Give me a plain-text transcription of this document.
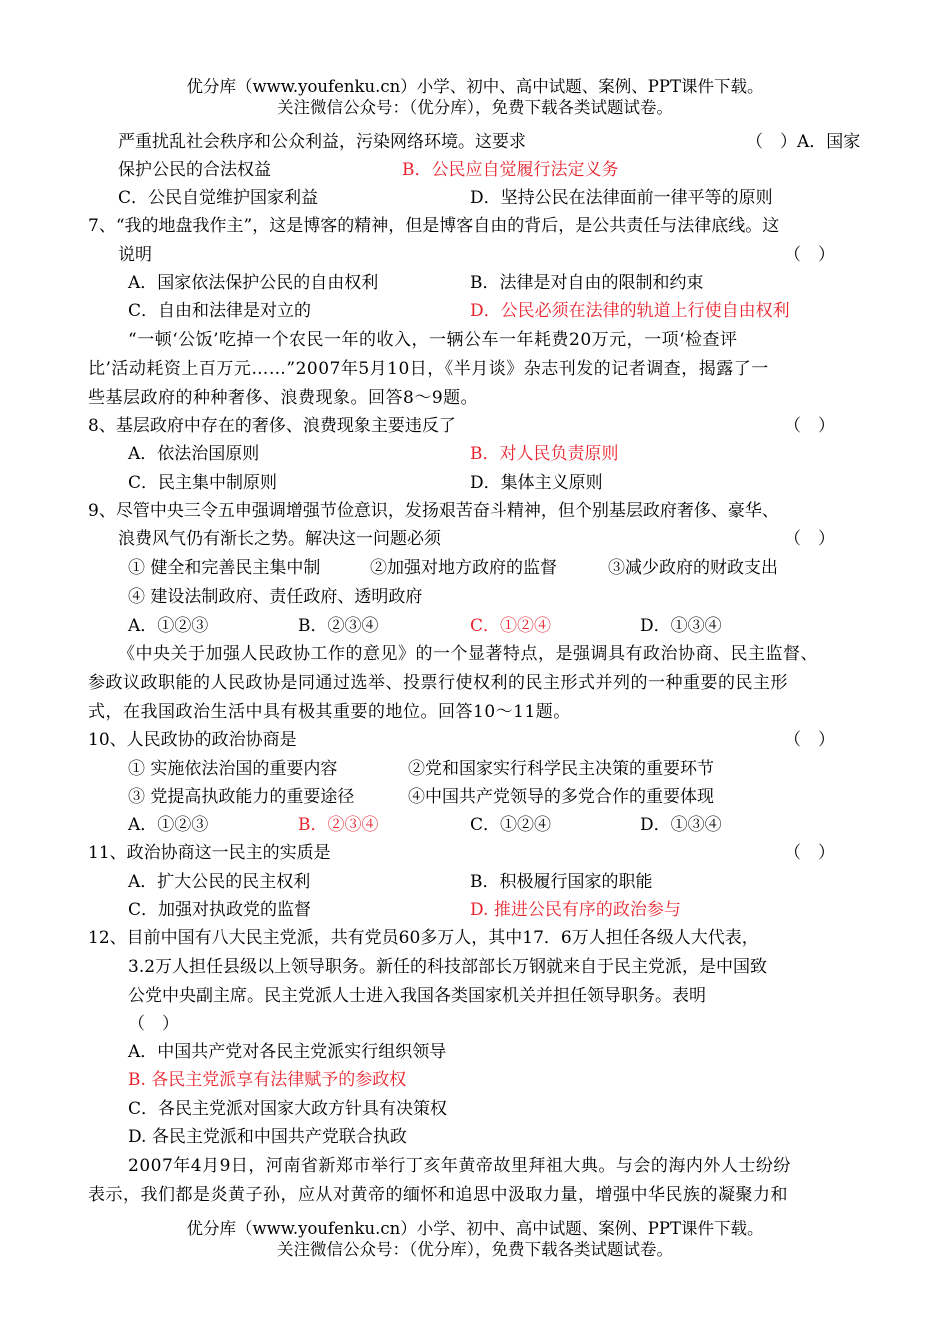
优分库（www.youfenku.cn）小学、初中、高中试题、案例、PPT课件下载。
关注微信公众号：（优分库），免费下载各类试题试卷。
严重扰乱社会秩序和公众利益，污染网络环境。这要求	（　）A．国家
保护公民的合法权益	B．公民应自觉履行法定义务
C．公民自觉维护国家利益	D．坚持公民在法律面前一律平等的原则
7、“我的地盘我作主”，这是博客的精神，但是博客自由的背后，是公共责任与法律底线。这
说明	（　）
A．国家依法保护公民的自由权利	B．法律是对自由的限制和约束
C．自由和法律是对立的	D．公民必须在法律的轨道上行使自由权利
“一顿‘公饭’吃掉一个农民一年的收入，一辆公车一年耗费20万元，一项‘检查评
比’活动耗资上百万元……”2007年5月10日，《半月谈》杂志刊发的记者调查，揭露了一
些基层政府的种种奢侈、浪费现象。回答8～9题。
8、基层政府中存在的奢侈、浪费现象主要违反了	（　）
A．依法治国原则	B．对人民负责原则
C．民主集中制原则	D．集体主义原则
9、尽管中央三令五申强调增强节俭意识，发扬艰苦奋斗精神，但个别基层政府奢侈、豪华、
浪费风气仍有渐长之势。解决这一问题必须	（　）
① 健全和完善民主集中制	②加强对地方政府的监督	③减少政府的财政支出
④ 建设法制政府、责任政府、透明政府
A．①②③	B．②③④	C．①②④	D．①③④
《中央关于加强人民政协工作的意见》的一个显著特点，是强调具有政治协商、民主监督、
参政议政职能的人民政协是同通过选举、投票行使权利的民主形式并列的一种重要的民主形
式，在我国政治生活中具有极其重要的地位。回答10～11题。
10、人民政协的政治协商是	（　）
① 实施依法治国的重要内容	②党和国家实行科学民主决策的重要环节
③ 党提高执政能力的重要途径	④中国共产党领导的多党合作的重要体现
A．①②③	B．②③④	C．①②④	D．①③④
11、政治协商这一民主的实质是	（　）
A．扩大公民的民主权利	B．积极履行国家的职能
C．加强对执政党的监督	D. 推进公民有序的政治参与
12、目前中国有八大民主党派，共有党员60多万人，其中17．6万人担任各级人大代表，
3.2万人担任县级以上领导职务。新任的科技部部长万钢就来自于民主党派，是中国致
公党中央副主席。民主党派人士进入我国各类国家机关并担任领导职务。表明
（　）
A．中国共产党对各民主党派实行组织领导
B. 各民主党派享有法律赋予的参政权
C．各民主党派对国家大政方针具有决策权
D. 各民主党派和中国共产党联合执政
2007年4月9日，河南省新郑市举行丁亥年黄帝故里拜祖大典。与会的海内外人士纷纷
表示，我们都是炎黄子孙，应从对黄帝的缅怀和追思中汲取力量，增强中华民族的凝聚力和
优分库（www.youfenku.cn）小学、初中、高中试题、案例、PPT课件下载。
关注微信公众号：（优分库），免费下载各类试题试卷。
